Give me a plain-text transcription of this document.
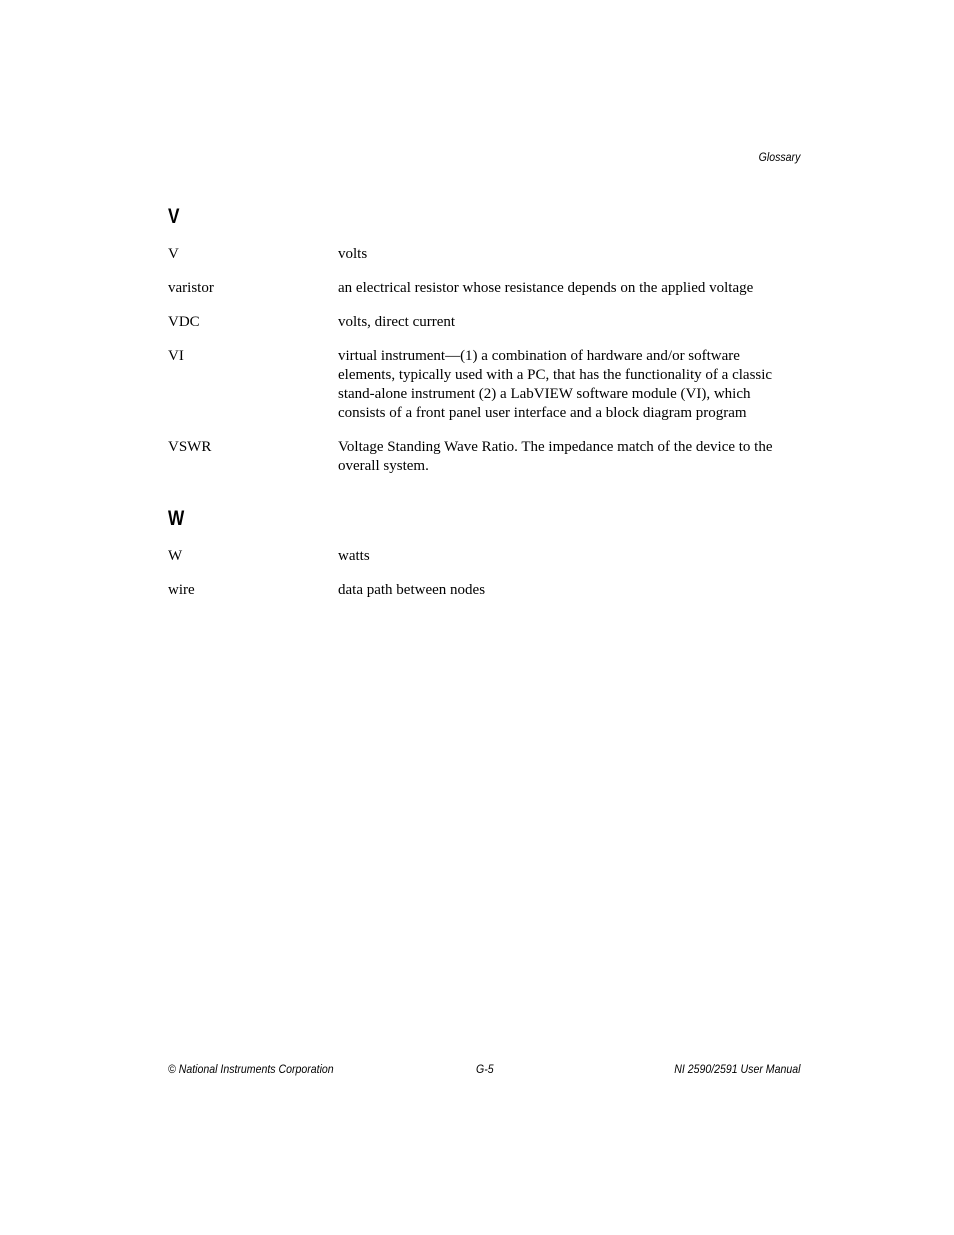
Glossary
V
V	volts
varistor	an electrical resistor whose resistance depends on the applied voltage
VDC	volts, direct current
VI	virtual instrument—(1) a combination of hardware and/or software elements, typically used with a PC, that has the functionality of a classic stand-alone instrument (2) a LabVIEW software module (VI), which consists of a front panel user interface and a block diagram program
VSWR	Voltage Standing Wave Ratio. The impedance match of the device to the overall system.
W
W	watts
wire	data path between nodes
© National Instruments Corporation	G-5	NI 2590/2591 User Manual
